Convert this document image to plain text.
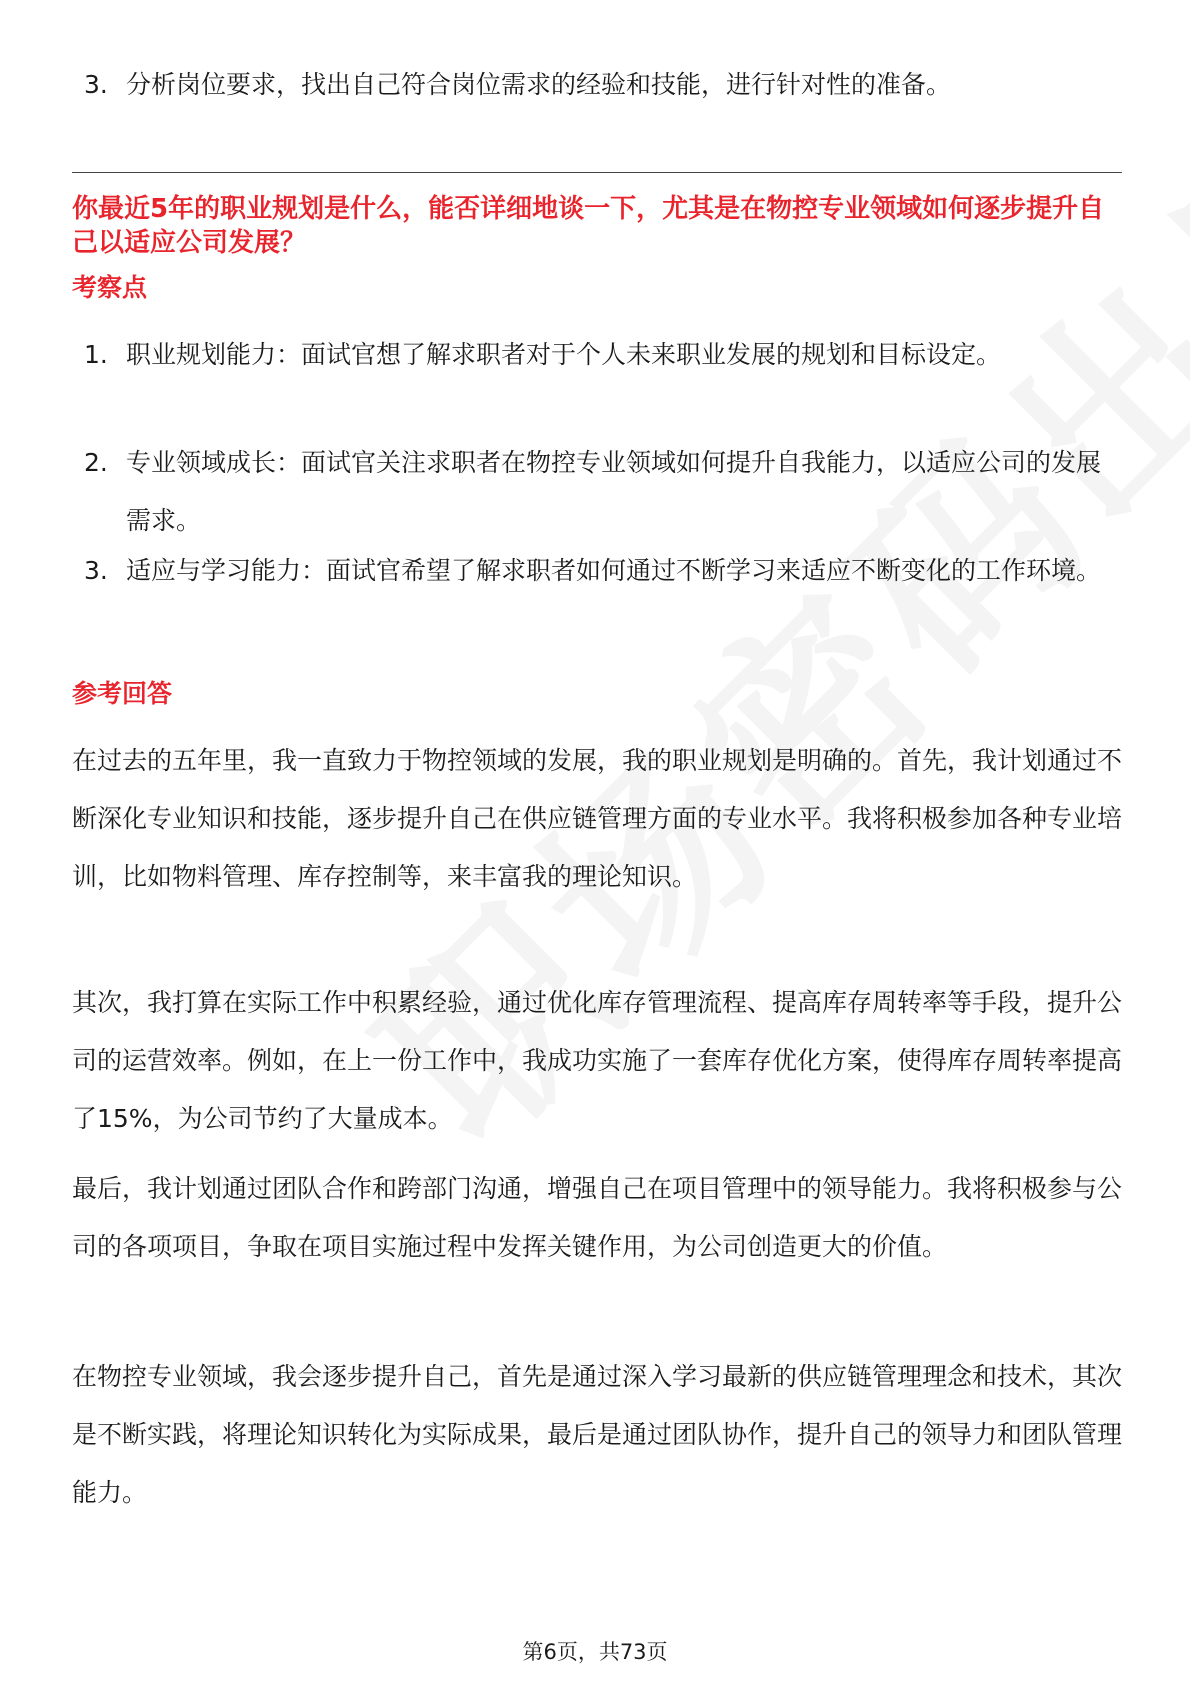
3. 分析岗位要求，找出自己符合岗位需求的经验和技能，进行针对性的准备。
你最近5年的职业规划是什么，能否详细地谈一下，尤其是在物控专业领域如何逐步提升自己以适应公司发展？
考察点
1. 职业规划能力：面试官想了解求职者对于个人未来职业发展的规划和目标设定。
2. 专业领域成长：面试官关注求职者在物控专业领域如何提升自我能力，以适应公司的发展需求。
3. 适应与学习能力：面试官希望了解求职者如何通过不断学习来适应不断变化的工作环境。
参考回答
在过去的五年里，我一直致力于物控领域的发展，我的职业规划是明确的。首先，我计划通过不断深化专业知识和技能，逐步提升自己在供应链管理方面的专业水平。我将积极参加各种专业培训，比如物料管理、库存控制等，来丰富我的理论知识。
其次，我打算在实际工作中积累经验，通过优化库存管理流程、提高库存周转率等手段，提升公司的运营效率。例如，在上一份工作中，我成功实施了一套库存优化方案，使得库存周转率提高了15%，为公司节约了大量成本。
最后，我计划通过团队合作和跨部门沟通，增强自己在项目管理中的领导能力。我将积极参与公司的各项项目，争取在项目实施过程中发挥关键作用，为公司创造更大的价值。
在物控专业领域，我会逐步提升自己，首先是通过深入学习最新的供应链管理理念和技术，其次是不断实践，将理论知识转化为实际成果，最后是通过团队协作，提升自己的领导力和团队管理能力。
第6页，共73页
